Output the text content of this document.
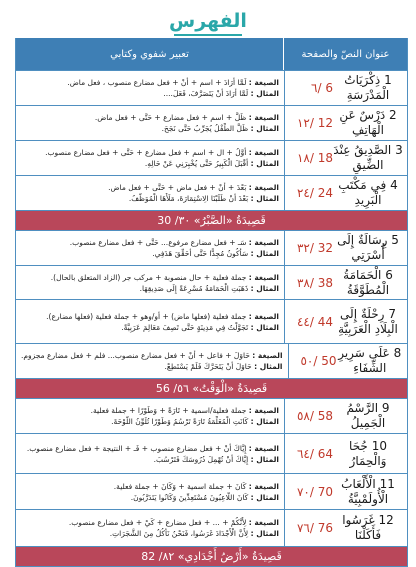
الفهرس
عنوان النصّ والصفحة
تعبير شفوي وكتابي
1 ذِكْرَيَاتُ الْمَدْرَسَةِ
6 /٦
الصيغة : لَمَّا أَرَادَ + اسم + أَنْ + فعل مضارع منصوب ، فعل ماض.
المثال : لَمَّا أَرَادَ أَنْ يَتَصَرَّفَ، فَعَلَ....
2 دَرْسٌ عَنِ الْهَاتِفِ
12 /١٢
الصيغة : ظَلَّ + اسم + فعل مضارع + حَتَّى + فعل ماض.
المثال : ظَلَّ الطِّفْلُ يُجَرِّبُ حَتَّى نَجَحَ.
3 الصَّدِيقُ عِنْدَ الضِّيقِ
18 /١٨
الصيغة : أَوَّلُ + ال + اسم + فعل مضارع + حَتَّى + فعل مضارع منصوب.
المثال : أَقْبَلَ الْكَبِيرُ حَتَّى يُخْبِرَنِي عَنْ حَالِهِ.
4 فِي مَكْتَبِ الْبَرِيدِ
24 /٢٤
الصيغة : بَعْدَ + أَنْ + فعل ماض + حَتَّى + فعل ماض.
المثال : بَعْدَ أَنْ طَلَبْنَا الِاسْتِمَارَةَ، مَلَأَهَا الْمُوَظَّفُ.
قَصِيدَةُ «الصَّبْرُ» ٣٠/ 30
5 رِسَالَةٌ إِلَى أُسْرَتِي
32 /٣٢
الصيغة : سَـ + فعل مضارع مرفوع... حَتَّى + فعل مضارع منصوب.
المثال : سَأَكُونُ مُجِدًّا حَتَّى أُحَقِّقَ هَدَفِي.
6 الْحَمَامَةُ الْمُطَوَّقَةُ
38 /٣٨
الصيغة : جملة فعلية + حال منصوبة + مركب جر (الزاد المتعلق بالحال).
المثال : ذَهَبَتِ الْحَمَامَةُ مُسْرِعَةً إِلَى صَدِيقِهَا.
7 رِحْلَةٌ إِلَى الْبِلَادِ الْعَرَبِيَّةِ
44 /٤٤
الصيغة : جملة فعلية (فعلها ماض) + أو/وهو + جملة فعلية (فعلها مضارع).
المثال : تَجَوَّلْتُ فِي مَدِينَةٍ حَتَّى تَصِفَ مَعَالِمَ عَرَبِيَّةً.
8 عَلَى سَرِيرِ الشِّفَاءِ
50 /٥٠
الصيغة : حَاوَلَ + فاعل + أَنْ + فعل مضارع منصوب... فلم + فعل مضارع مجزوم.
المثال : حَاوَلَ أَنْ يَتَحَرَّكَ فَلَمْ يَسْتَطِعْ.
قَصِيدَةُ «الْوَقْتُ» ٥٦/ 56
9 الرَّسْمُ الْجَمِيلُ
58 /٥٨
الصيغة : جملة فعلية/اسمية + تَارَةً + وَطَوْرًا + جملة فعلية.
المثال : كَانَتِ الْمُعَلِّمَةُ تَارَةً تَرْسُمُ وَطَوْرًا تُلَوِّنُ اللَّوْحَةَ.
10 جُحَا وَالْحِمَارُ
64 /٦٤
الصيغة : إِيَّاكَ أَنْ + فعل مضارع منصوب + فَـ + النتيجة + فعل مضارع منصوب.
المثال : إِيَّاكَ أَنْ تُهْمِلَ دُرُوسَكَ فَتَرْسُبَ.
11 الْأَلْعَابُ الْأُولَمْبِيَّةُ
70 /٧٠
الصيغة : كَانَ + جملة اسمية + وَكَانَ + جملة فعلية.
المثال : كَانَ اللَّاعِبُونَ مُسْتَعِدِّينَ وَكَانُوا يَتَدَرَّبُونَ.
12 غَرَسُوا فَأَكَلْنَا
76 /٧٦
الصيغة : لِأَنَّكُمْ + ... + فعل مضارع + كَيْ + فعل مضارع منصوب.
المثال : لِأَنَّ الْأَجْدَادَ غَرَسُوا، فَنَحْنُ نَأْكُلُ مِنَ الشَّجَرَاتِ.
قَصِيدَةُ «أَرْضُ أَجْدَادِي» ٨٢/ 82
